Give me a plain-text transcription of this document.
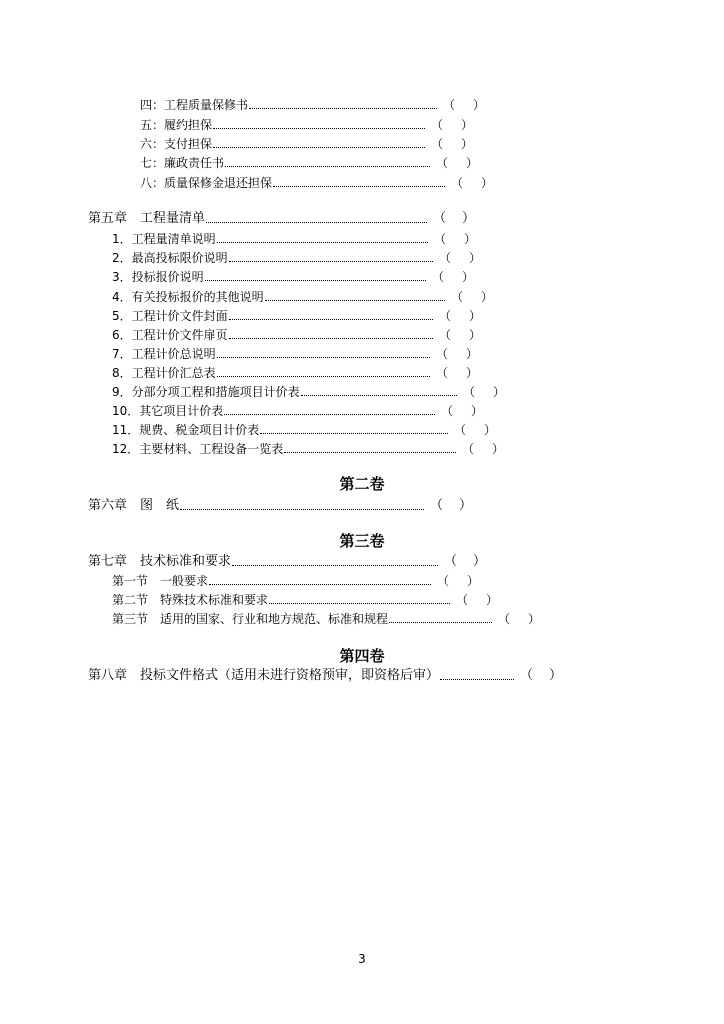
四：工程质量保修书	（ ）
五：履约担保	（ ）
六：支付担保	（ ）
七：廉政责任书	（ ）
八：质量保修金退还担保	（ ）
第五章　工程量清单	（ ）
1．工程量清单说明	（ ）
2．最高投标限价说明	（ ）
3．投标报价说明	（ ）
4．有关投标报价的其他说明	（ ）
5．工程计价文件封面	（ ）
6．工程计价文件扉页	（ ）
7．工程计价总说明	（ ）
8．工程计价汇总表	（ ）
9．分部分项工程和措施项目计价表	（ ）
10．其它项目计价表	（ ）
11．规费、税金项目计价表	（ ）
12．主要材料、工程设备一览表	（ ）
第二卷
第六章　图　纸	（ ）
第三卷
第七章　技术标准和要求	（ ）
第一节　一般要求	（ ）
第二节　特殊技术标准和要求	（ ）
第三节　适用的国家、行业和地方规范、标准和规程	（ ）
第四卷
第八章　投标文件格式（适用未进行资格预审，即资格后审）	（ ）
3
